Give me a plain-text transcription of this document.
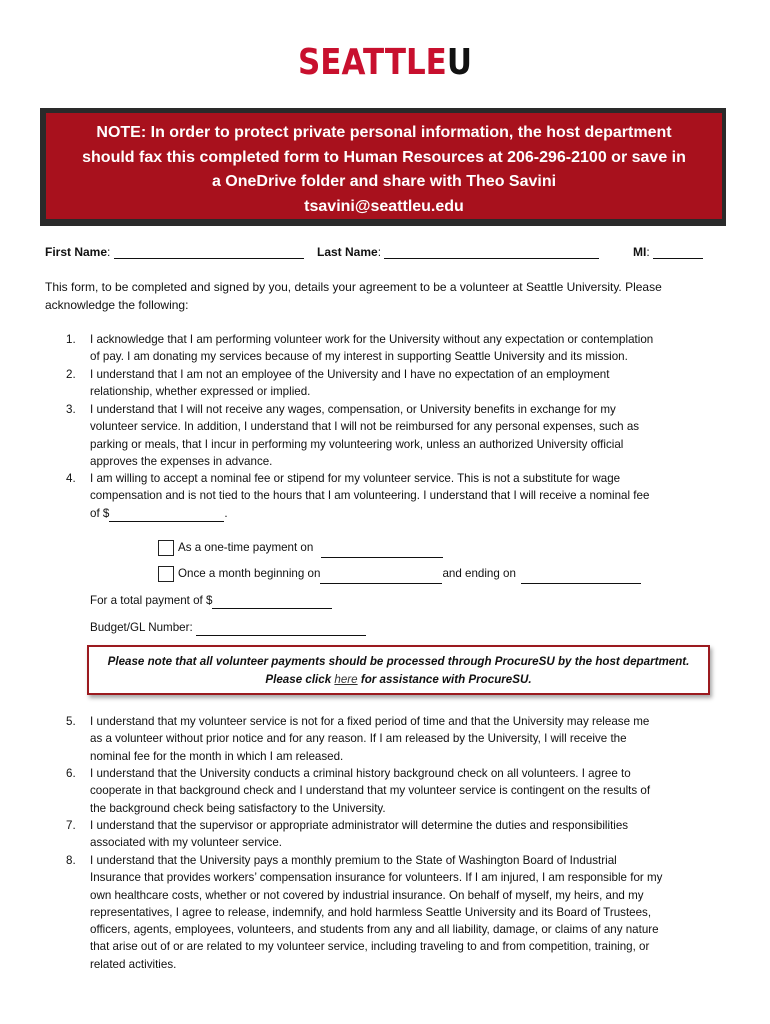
SEATTLEU
NOTE: In order to protect private personal information, the host department
should fax this completed form to Human Resources at 206-296-2100 or save in
a OneDrive folder and share with Theo Savini
tsavini@seattleu.edu
First Name:	Last Name:	MI:
This form, to be completed and signed by you, details your agreement to be a volunteer at Seattle University. Please acknowledge the following:
1. I acknowledge that I am performing volunteer work for the University without any expectation or contemplation
of pay. I am donating my services because of my interest in supporting Seattle University and its mission.
2. I understand that I am not an employee of the University and I have no expectation of an employment
relationship, whether expressed or implied.
3. I understand that I will not receive any wages, compensation, or University benefits in exchange for my
volunteer service. In addition, I understand that I will not be reimbursed for any personal expenses, such as
parking or meals, that I incur in performing my volunteering work, unless an authorized University official
approves the expenses in advance.
4. I am willing to accept a nominal fee or stipend for my volunteer service. This is not a substitute for wage
compensation and is not tied to the hours that I am volunteering. I understand that I will receive a nominal fee
of $	.
As a one-time payment on
Once a month beginning on	and ending on
For a total payment of $
Budget/GL Number:
Please note that all volunteer payments should be processed through ProcureSU by the host department.
Please click here for assistance with ProcureSU.
5. I understand that my volunteer service is not for a fixed period of time and that the University may release me
as a volunteer without prior notice and for any reason. If I am released by the University, I will receive the
nominal fee for the month in which I am released.
6. I understand that the University conducts a criminal history background check on all volunteers. I agree to
cooperate in that background check and I understand that my volunteer service is contingent on the results of
the background check being satisfactory to the University.
7. I understand that the supervisor or appropriate administrator will determine the duties and responsibilities
associated with my volunteer service.
8. I understand that the University pays a monthly premium to the State of Washington Board of Industrial
Insurance that provides workers’ compensation insurance for volunteers. If I am injured, I am responsible for my
own healthcare costs, whether or not covered by industrial insurance. On behalf of myself, my heirs, and my
representatives, I agree to release, indemnify, and hold harmless Seattle University and its Board of Trustees,
officers, agents, employees, volunteers, and students from any and all liability, damage, or claims of any nature
that arise out of or are related to my volunteer service, including traveling to and from competition, training, or
related activities.
